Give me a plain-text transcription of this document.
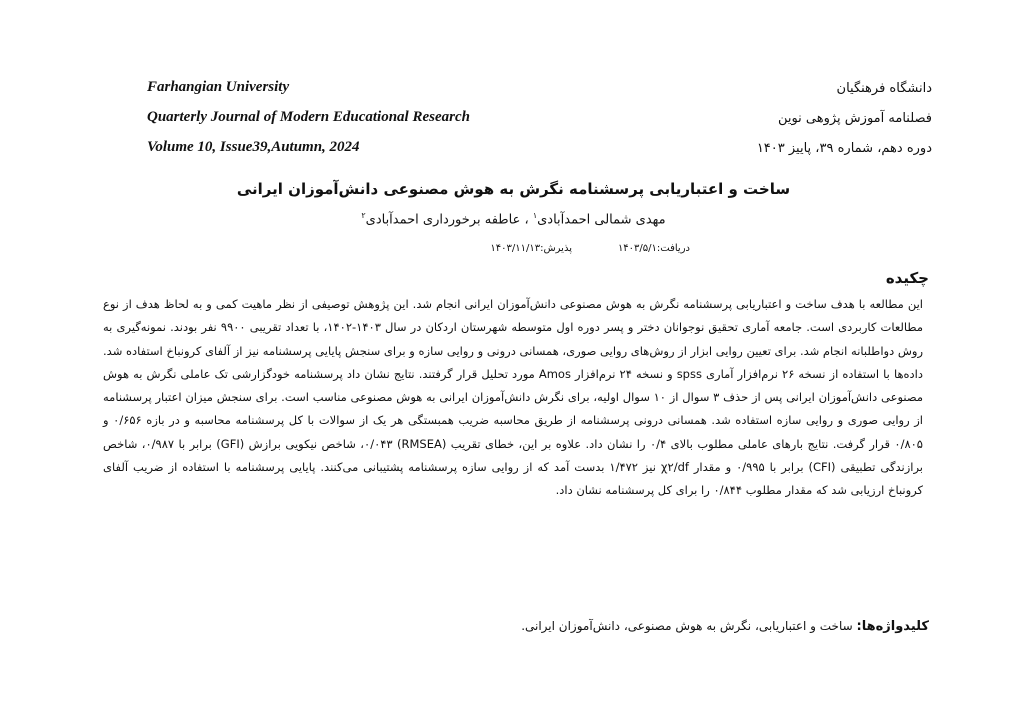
Farhangian University
Quarterly Journal of Modern Educational Research
Volume 10, Issue39,Autumn, 2024
دانشگاه فرهنگیان
فصلنامه آموزش پژوهی نوین
دوره دهم، شماره ۳۹، پاییز ۱۴۰۳
ساخت و اعتباریابی پرسشنامه نگرش به هوش مصنوعی دانش‌آموزان ایرانی
مهدی شمالی احمدآبادی$^۱$ ، عاطفه برخورداری احمدآبادی$^۲$
دریافت:۱۴۰۳/۵/۱
پذیرش:۱۴۰۳/۱۱/۱۳
چکیده
این مطالعه با هدف ساخت و اعتباریابی پرسشنامه نگرش به هوش مصنوعی دانش‌آموزان ایرانی انجام شد. این پژوهش توصیفی از نظر ماهیت کمی و به لحاظ هدف از نوع مطالعات کاربردی است. جامعه آماری تحقیق نوجوانان دختر و پسر دوره اول متوسطه شهرستان اردکان در سال ۱۴۰۳-۱۴۰۲، با تعداد تقریبی ۹۹۰۰ نفر بودند. نمونه‌گیری به روش دواطلبانه انجام شد. برای تعیین روایی ابزار از روش‌های روایی صوری، همسانی درونی و روایی سازه و برای سنجش پایایی پرسشنامه نیز از آلفای کرونباخ استفاده شد. داده‌ها با استفاده از نسخه ۲۶ نرم‌افزار آماری spss و نسخه ۲۴ نرم‌افزار Amos مورد تحلیل قرار گرفتند. نتایج نشان داد پرسشنامه خودگزارشی تک عاملی نگرش به هوش مصنوعی دانش‌آموزان ایرانی پس از حذف ۳ سوال از ۱۰ سوال اولیه، برای نگرش دانش‌آموزان ایرانی به هوش مصنوعی مناسب است. برای سنجش میزان اعتبار پرسشنامه از روایی صوری و روایی سازه استفاده شد. همسانی درونی پرسشنامه از طریق محاسبه ضریب همبستگی هر یک از سوالات با کل پرسشنامه محاسبه و در بازه ۰/۶۵۶ و ۰/۸۰۵ قرار گرفت. نتایج بارهای عاملی مطلوب بالای ۰/۴ را نشان داد. علاوه بر این، خطای تقریب (RMSEA) ۰/۰۴۳، شاخص نیکویی برازش (GFI) برابر با ۰/۹۸۷، شاخص برازندگی تطبیقی (CFI) برابر با ۰/۹۹۵ و مقدار χ۲/df نیز ۱/۴۷۲ بدست آمد که از روایی سازه پرسشنامه پشتیبانی می‌کنند. پایایی پرسشنامه با استفاده از ضریب آلفای کرونباخ ارزیابی شد که مقدار مطلوب ۰/۸۴۴ را برای کل پرسشنامه نشان داد.
کلیدواژه‌ها: ساخت و اعتباریابی، نگرش به هوش مصنوعی، دانش‌آموزان ایرانی.
